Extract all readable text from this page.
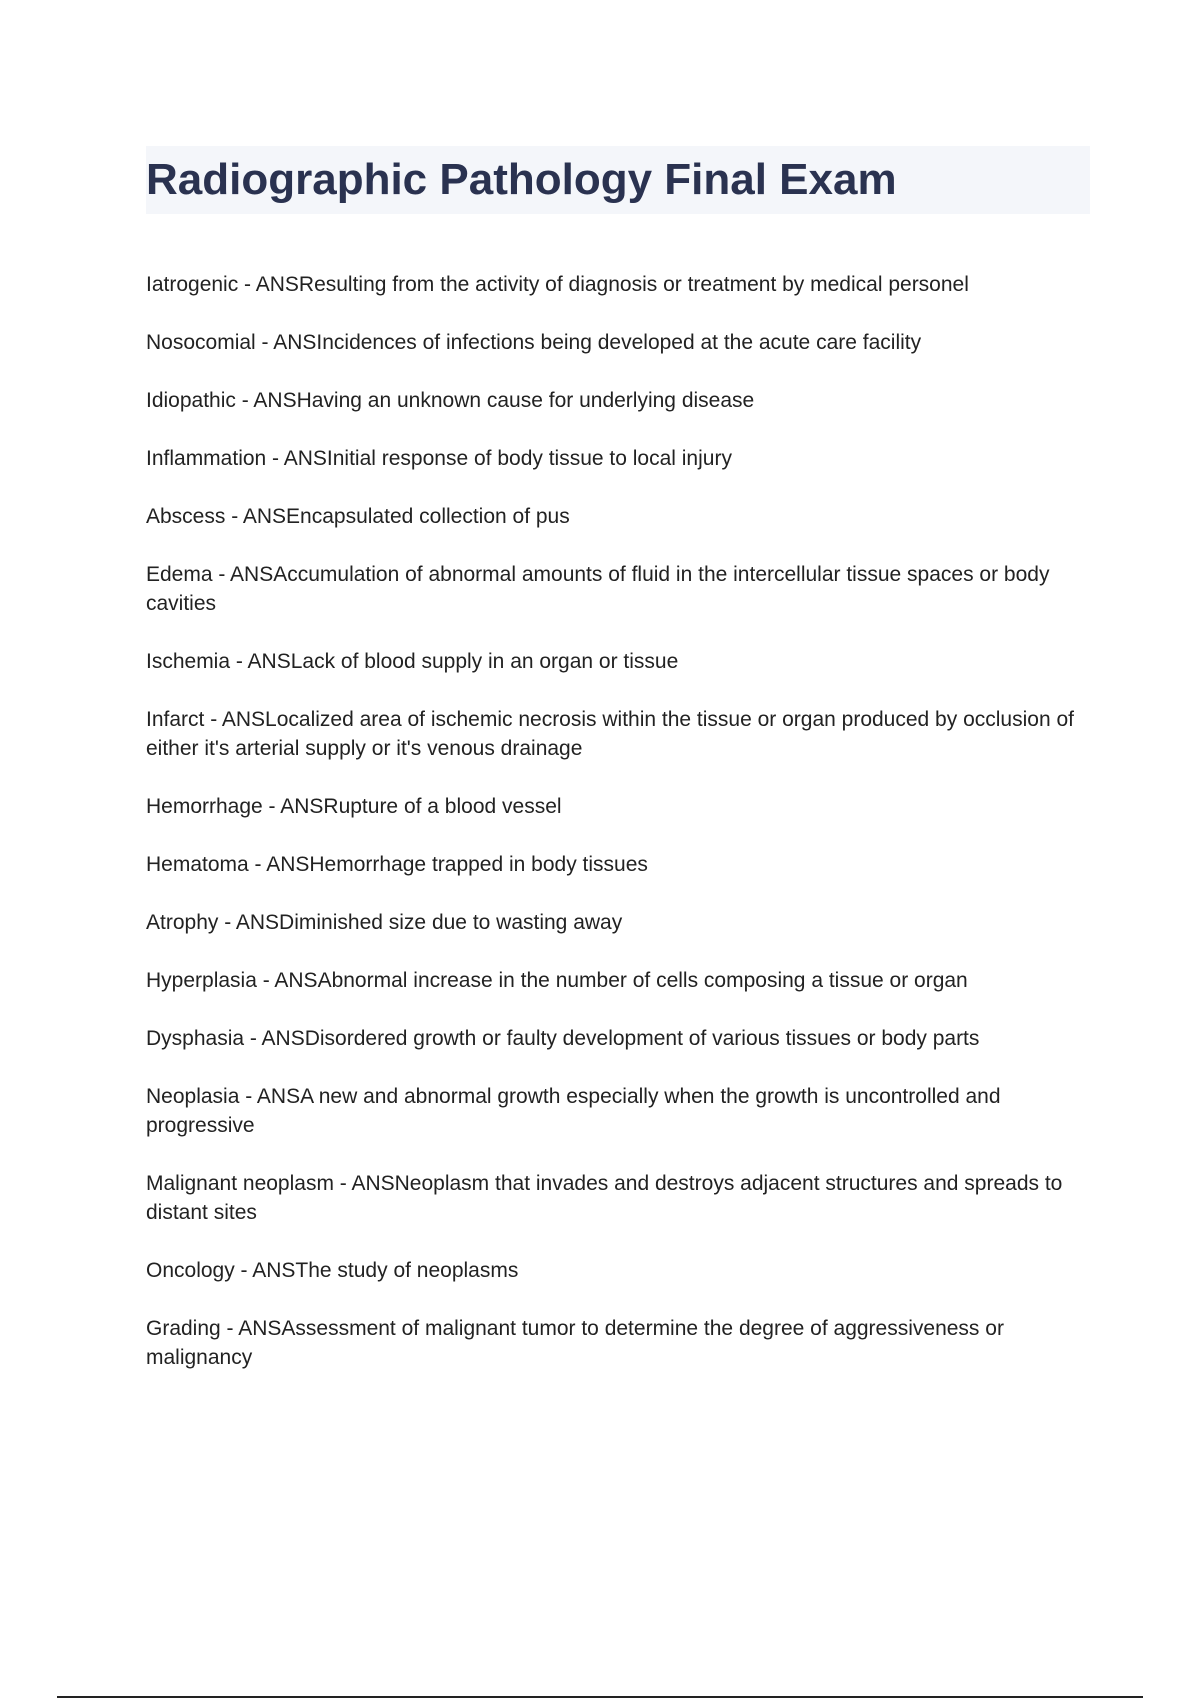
Radiographic Pathology Final Exam

Iatrogenic - ANSResulting from the activity of diagnosis or treatment by medical personel

Nosocomial - ANSIncidences of infections being developed at the acute care facility

Idiopathic - ANSHaving an unknown cause for underlying disease

Inflammation - ANSInitial response of body tissue to local injury

Abscess - ANSEncapsulated collection of pus

Edema - ANSAccumulation of abnormal amounts of fluid in the intercellular tissue spaces or body cavities

Ischemia - ANSLack of blood supply in an organ or tissue

Infarct - ANSLocalized area of ischemic necrosis within the tissue or organ produced by occlusion of either it's arterial supply or it's venous drainage

Hemorrhage - ANSRupture of a blood vessel

Hematoma - ANSHemorrhage trapped in body tissues

Atrophy - ANSDiminished size due to wasting away

Hyperplasia - ANSAbnormal increase in the number of cells composing a tissue or organ

Dysphasia - ANSDisordered growth or faulty development of various tissues or body parts

Neoplasia - ANSA new and abnormal growth especially when the growth is uncontrolled and progressive

Malignant neoplasm - ANSNeoplasm that invades and destroys adjacent structures and spreads to distant sites

Oncology - ANSThe study of neoplasms

Grading - ANSAssessment of malignant tumor to determine the degree of aggressiveness or malignancy
